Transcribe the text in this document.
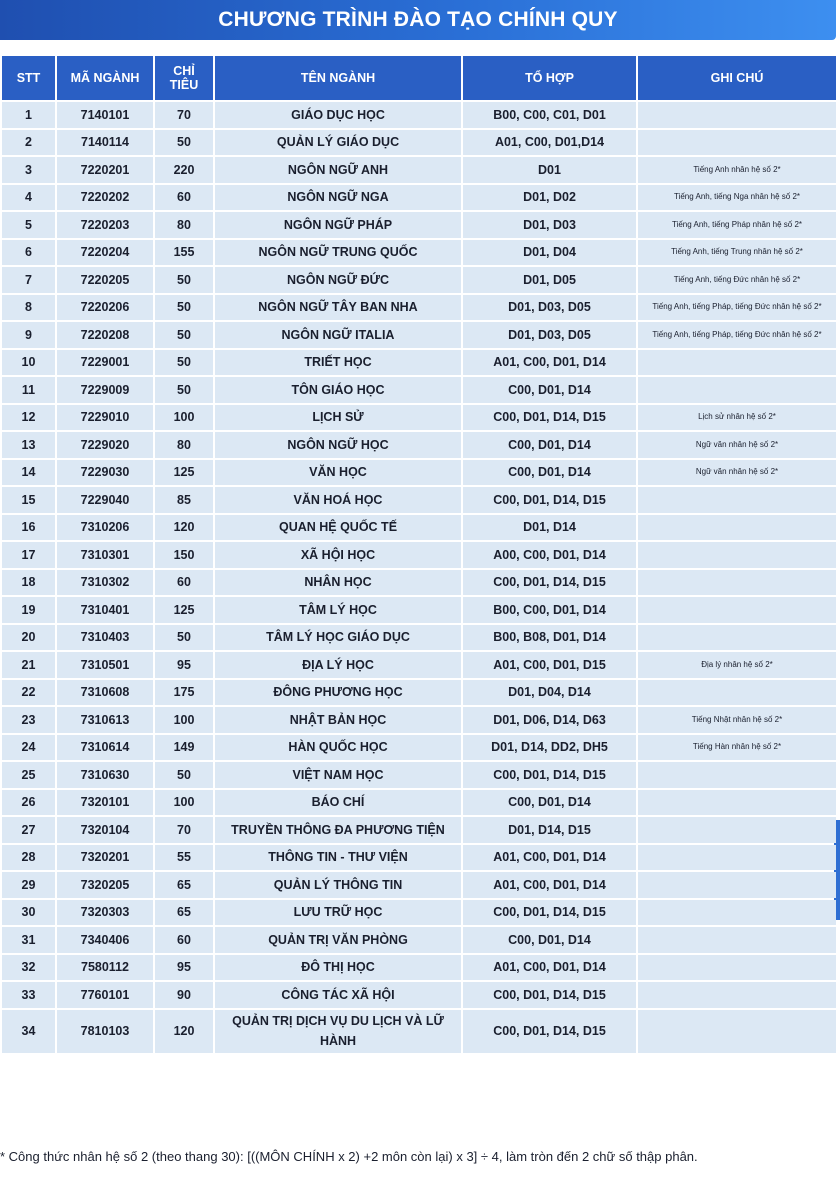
CHƯƠNG TRÌNH ĐÀO TẠO CHÍNH QUY
STT	MÃ NGÀNH	CHỈ TIÊU	TÊN NGÀNH	TỔ HỢP	GHI CHÚ
1	7140101	70	GIÁO DỤC HỌC	B00, C00, C01, D01	
2	7140114	50	QUẢN LÝ GIÁO DỤC	A01, C00, D01,D14	
3	7220201	220	NGÔN NGỮ ANH	D01	Tiếng Anh nhân hệ số 2*
4	7220202	60	NGÔN NGỮ NGA	D01, D02	Tiếng Anh, tiếng Nga nhân hệ số 2*
5	7220203	80	NGÔN NGỮ PHÁP	D01, D03	Tiếng Anh, tiếng Pháp nhân hệ số 2*
6	7220204	155	NGÔN NGỮ TRUNG QUỐC	D01, D04	Tiếng Anh, tiếng Trung nhân hệ số 2*
7	7220205	50	NGÔN NGỮ ĐỨC	D01, D05	Tiếng Anh, tiếng Đức nhân hệ số 2*
8	7220206	50	NGÔN NGỮ TÂY BAN NHA	D01, D03, D05	Tiếng Anh, tiếng Pháp, tiếng Đức nhân hệ số 2*
9	7220208	50	NGÔN NGỮ ITALIA	D01, D03, D05	Tiếng Anh, tiếng Pháp, tiếng Đức nhân hệ số 2*
10	7229001	50	TRIẾT HỌC	A01, C00, D01, D14	
11	7229009	50	TÔN GIÁO HỌC	C00, D01, D14	
12	7229010	100	LỊCH SỬ	C00, D01, D14, D15	Lịch sử nhân hệ số 2*
13	7229020	80	NGÔN NGỮ HỌC	C00, D01, D14	Ngữ văn nhân hệ số 2*
14	7229030	125	VĂN HỌC	C00, D01, D14	Ngữ văn nhân hệ số 2*
15	7229040	85	VĂN HOÁ HỌC	C00, D01, D14, D15	
16	7310206	120	QUAN HỆ QUỐC TẾ	D01, D14	
17	7310301	150	XÃ HỘI HỌC	A00, C00, D01, D14	
18	7310302	60	NHÂN HỌC	C00, D01, D14, D15	
19	7310401	125	TÂM LÝ HỌC	B00, C00, D01, D14	
20	7310403	50	TÂM LÝ HỌC GIÁO DỤC	B00, B08, D01, D14	
21	7310501	95	ĐỊA LÝ HỌC	A01, C00, D01, D15	Địa lý nhân hệ số 2*
22	7310608	175	ĐÔNG PHƯƠNG HỌC	D01, D04, D14	
23	7310613	100	NHẬT BẢN HỌC	D01, D06, D14, D63	Tiếng Nhật nhân hệ số 2*
24	7310614	149	HÀN QUỐC HỌC	D01, D14, DD2, DH5	Tiếng Hàn nhân hệ số 2*
25	7310630	50	VIỆT NAM HỌC	C00, D01, D14, D15	
26	7320101	100	BÁO CHÍ	C00, D01, D14	
27	7320104	70	TRUYỀN THÔNG ĐA PHƯƠNG TIỆN	D01, D14, D15	
28	7320201	55	THÔNG TIN - THƯ VIỆN	A01, C00, D01, D14	
29	7320205	65	QUẢN LÝ THÔNG TIN	A01, C00, D01, D14	
30	7320303	65	LƯU TRỮ HỌC	C00, D01, D14, D15	
31	7340406	60	QUẢN TRỊ VĂN PHÒNG	C00, D01, D14	
32	7580112	95	ĐÔ THỊ HỌC	A01, C00, D01, D14	
33	7760101	90	CÔNG TÁC XÃ HỘI	C00, D01, D14, D15	
34	7810103	120	QUẢN TRỊ DỊCH VỤ DU LỊCH VÀ LỮ HÀNH	C00, D01, D14, D15	
* Công thức nhân hệ số 2 (theo thang 30): [((MÔN CHÍNH x 2) +2 môn còn lại) x 3] ÷ 4, làm tròn đến 2 chữ số thập phân.
